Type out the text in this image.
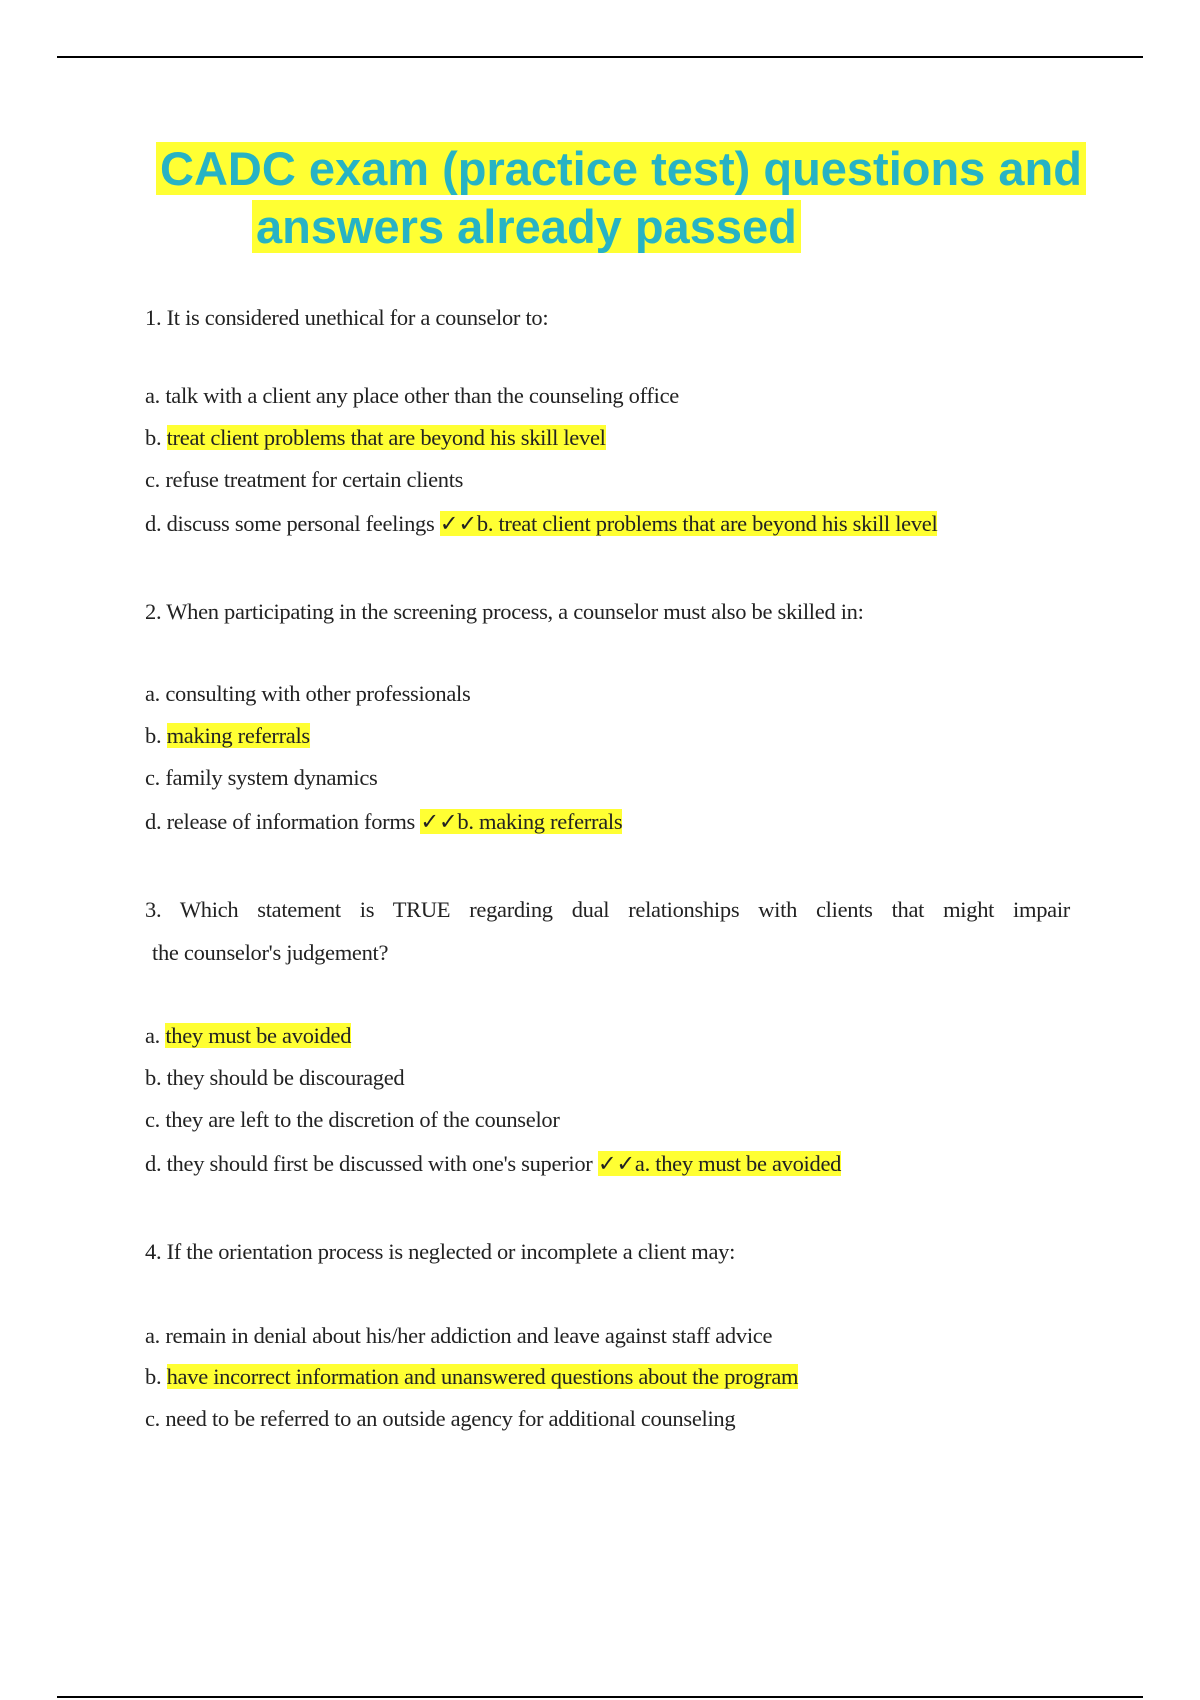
CADC exam (practice test) questions and
answers already passed
1. It is considered unethical for a counselor to:
a. talk with a client any place other than the counseling office
b. treat client problems that are beyond his skill level
c. refuse treatment for certain clients
d. discuss some personal feelings ✓✓b. treat client problems that are beyond his skill level
2. When participating in the screening process, a counselor must also be skilled in:
a. consulting with other professionals
b. making referrals
c. family system dynamics
d. release of information forms ✓✓b. making referrals
3. Which statement is TRUE regarding dual relationships with clients that might impair
the counselor's judgement?
a. they must be avoided
b. they should be discouraged
c. they are left to the discretion of the counselor
d. they should first be discussed with one's superior ✓✓a. they must be avoided
4. If the orientation process is neglected or incomplete a client may:
a. remain in denial about his/her addiction and leave against staff advice
b. have incorrect information and unanswered questions about the program
c. need to be referred to an outside agency for additional counseling
